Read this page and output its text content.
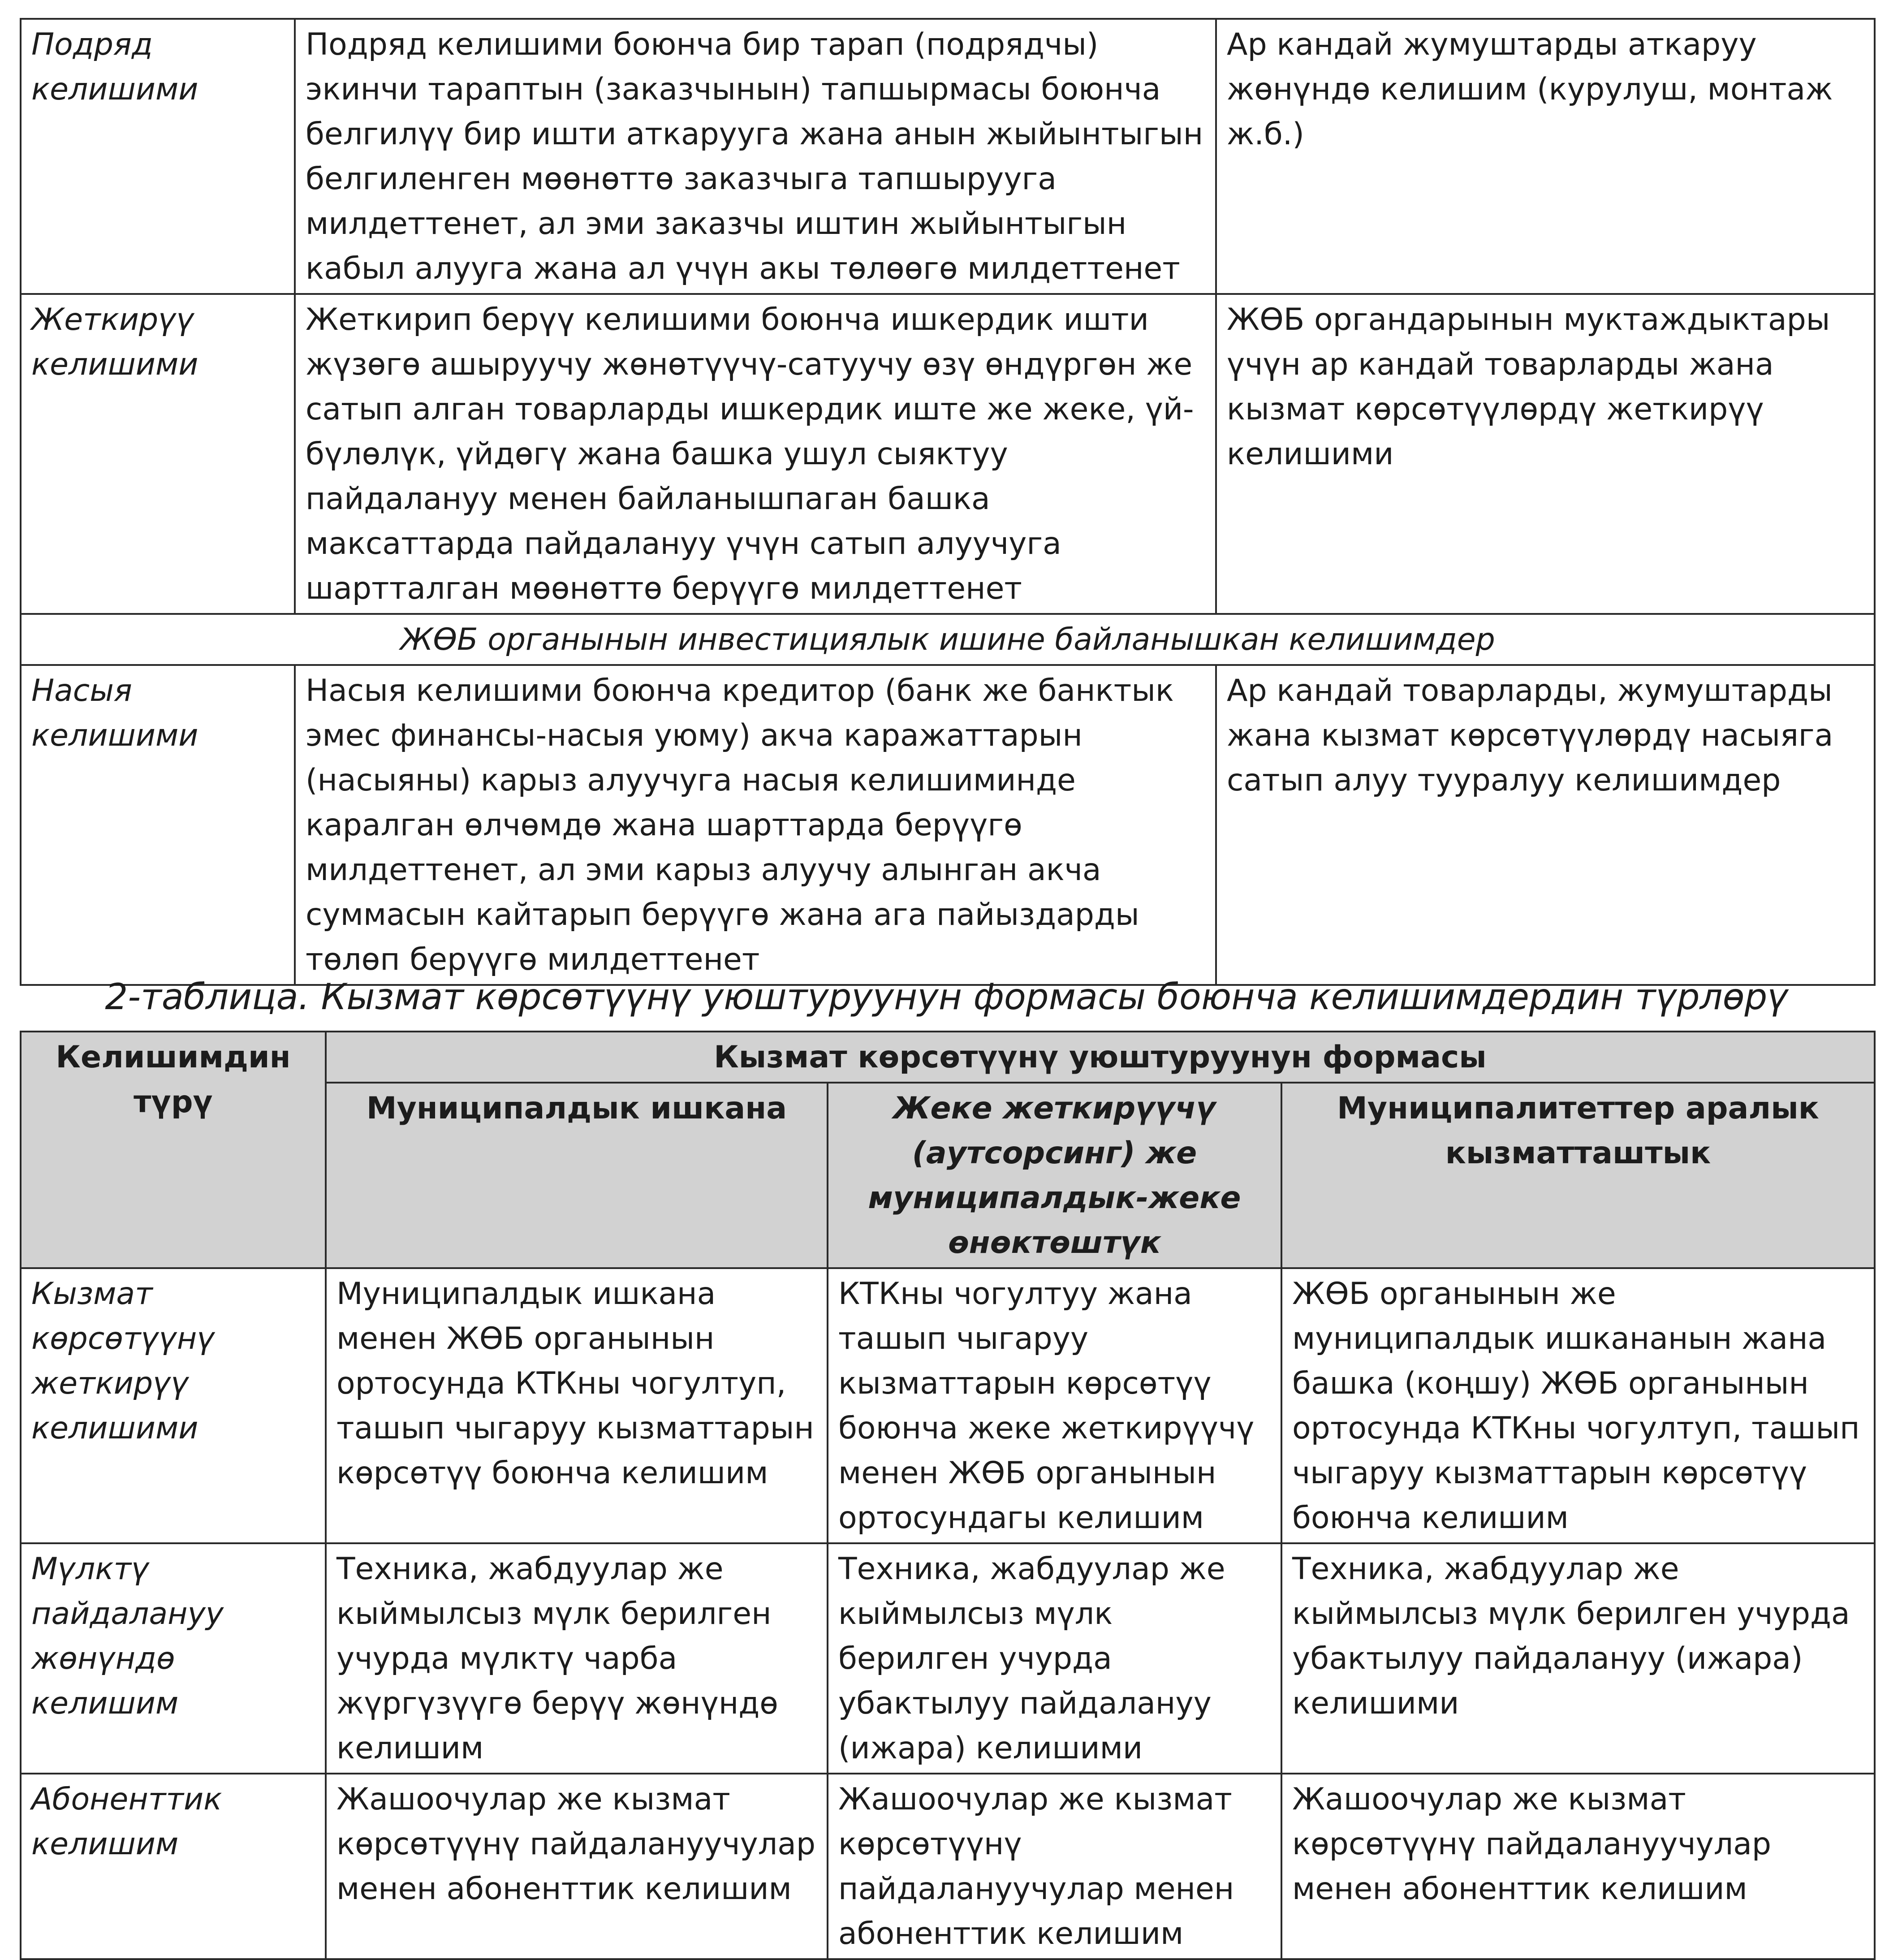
Подряд келишими	Подряд келишими боюнча бир тарап (подрядчы) экинчи тараптын (заказчынын) тапшырмасы боюнча белгилүү бир ишти аткарууга жана анын жыйынтыгын белгиленген мөөнөттө заказчыга тапшырууга милдеттенет, ал эми заказчы иштин жыйынтыгын кабыл алууга жана ал үчүн акы төлөөгө милдеттенет	Ар кандай жумуштарды аткаруу жөнүндө келишим (курулуш, монтаж ж.б.)
Жеткирүү келишими	Жеткирип берүү келишими боюнча ишкердик ишти жүзөгө ашыруучу жөнөтүүчү-сатуучу өзү өндүргөн же сатып алган товарларды ишкердик иште же жеке, үй-бүлөлүк, үйдөгү жана башка ушул сыяктуу пайдалануу менен байланышпаган башка максаттарда пайдалануу үчүн сатып алуучуга шартталган мөөнөттө берүүгө милдеттенет	ЖӨБ органдарынын муктаждыктары үчүн ар кандай товарларды жана кызмат көрсөтүүлөрдү жеткирүү келишими
ЖӨБ органынын инвестициялык ишине байланышкан келишимдер		
Насыя келишими	Насыя келишими боюнча кредитор (банк же банктык эмес финансы-насыя уюму) акча каражаттарын (насыяны) карыз алуучуга насыя келишиминде каралган өлчөмдө жана шарттарда берүүгө милдеттенет, ал эми карыз алуучу алынган акча суммасын кайтарып берүүгө жана ага пайыздарды төлөп берүүгө милдеттенет	Ар кандай товарларды, жумуштарды жана кызмат көрсөтүүлөрдү насыяга сатып алуу тууралуу келишимдер
2-таблица. Кызмат көрсөтүүнү уюштуруунун формасы боюнча келишимдердин түрлөрү
Келишимдин түрү	Кызмат көрсөтүүнү уюштуруунун формасы		
	Муниципалдык ишкана	Жеке жеткирүүчү (аутсорсинг) же муниципалдык-жеке өнөктөштүк	Муниципалитеттер аралык кызматташтык
Кызмат көрсөтүүнү жеткирүү келишими	Муниципалдык ишкана менен ЖӨБ органынын ортосунда КТКны чогултуп, ташып чыгаруу кызматтарын көрсөтүү боюнча келишим	КТКны чогултуу жана ташып чыгаруу кызматтарын көрсөтүү боюнча жеке жеткирүүчү менен ЖӨБ органынын ортосундагы келишим	ЖӨБ органынын же муниципалдык ишкананын жана башка (коңшу) ЖӨБ органынын ортосунда КТКны чогултуп, ташып чыгаруу кызматтарын көрсөтүү боюнча келишим
Мүлктү пайдалануу жөнүндө келишим	Техника, жабдуулар же кыймылсыз мүлк берилген учурда мүлктү чарба жүргүзүүгө берүү жөнүндө келишим	Техника, жабдуулар же кыймылсыз мүлк берилген учурда убактылуу пайдалануу (ижара) келишими	Техника, жабдуулар же кыймылсыз мүлк берилген учурда убактылуу пайдалануу (ижара) келишими
Абоненттик келишим	Жашоочулар же кызмат көрсөтүүнү пайдалануучулар менен абоненттик келишим	Жашоочулар же кызмат көрсөтүүнү пайдалануучулар менен абоненттик келишим	Жашоочулар же кызмат көрсөтүүнү пайдалануучулар менен абоненттик келишим
